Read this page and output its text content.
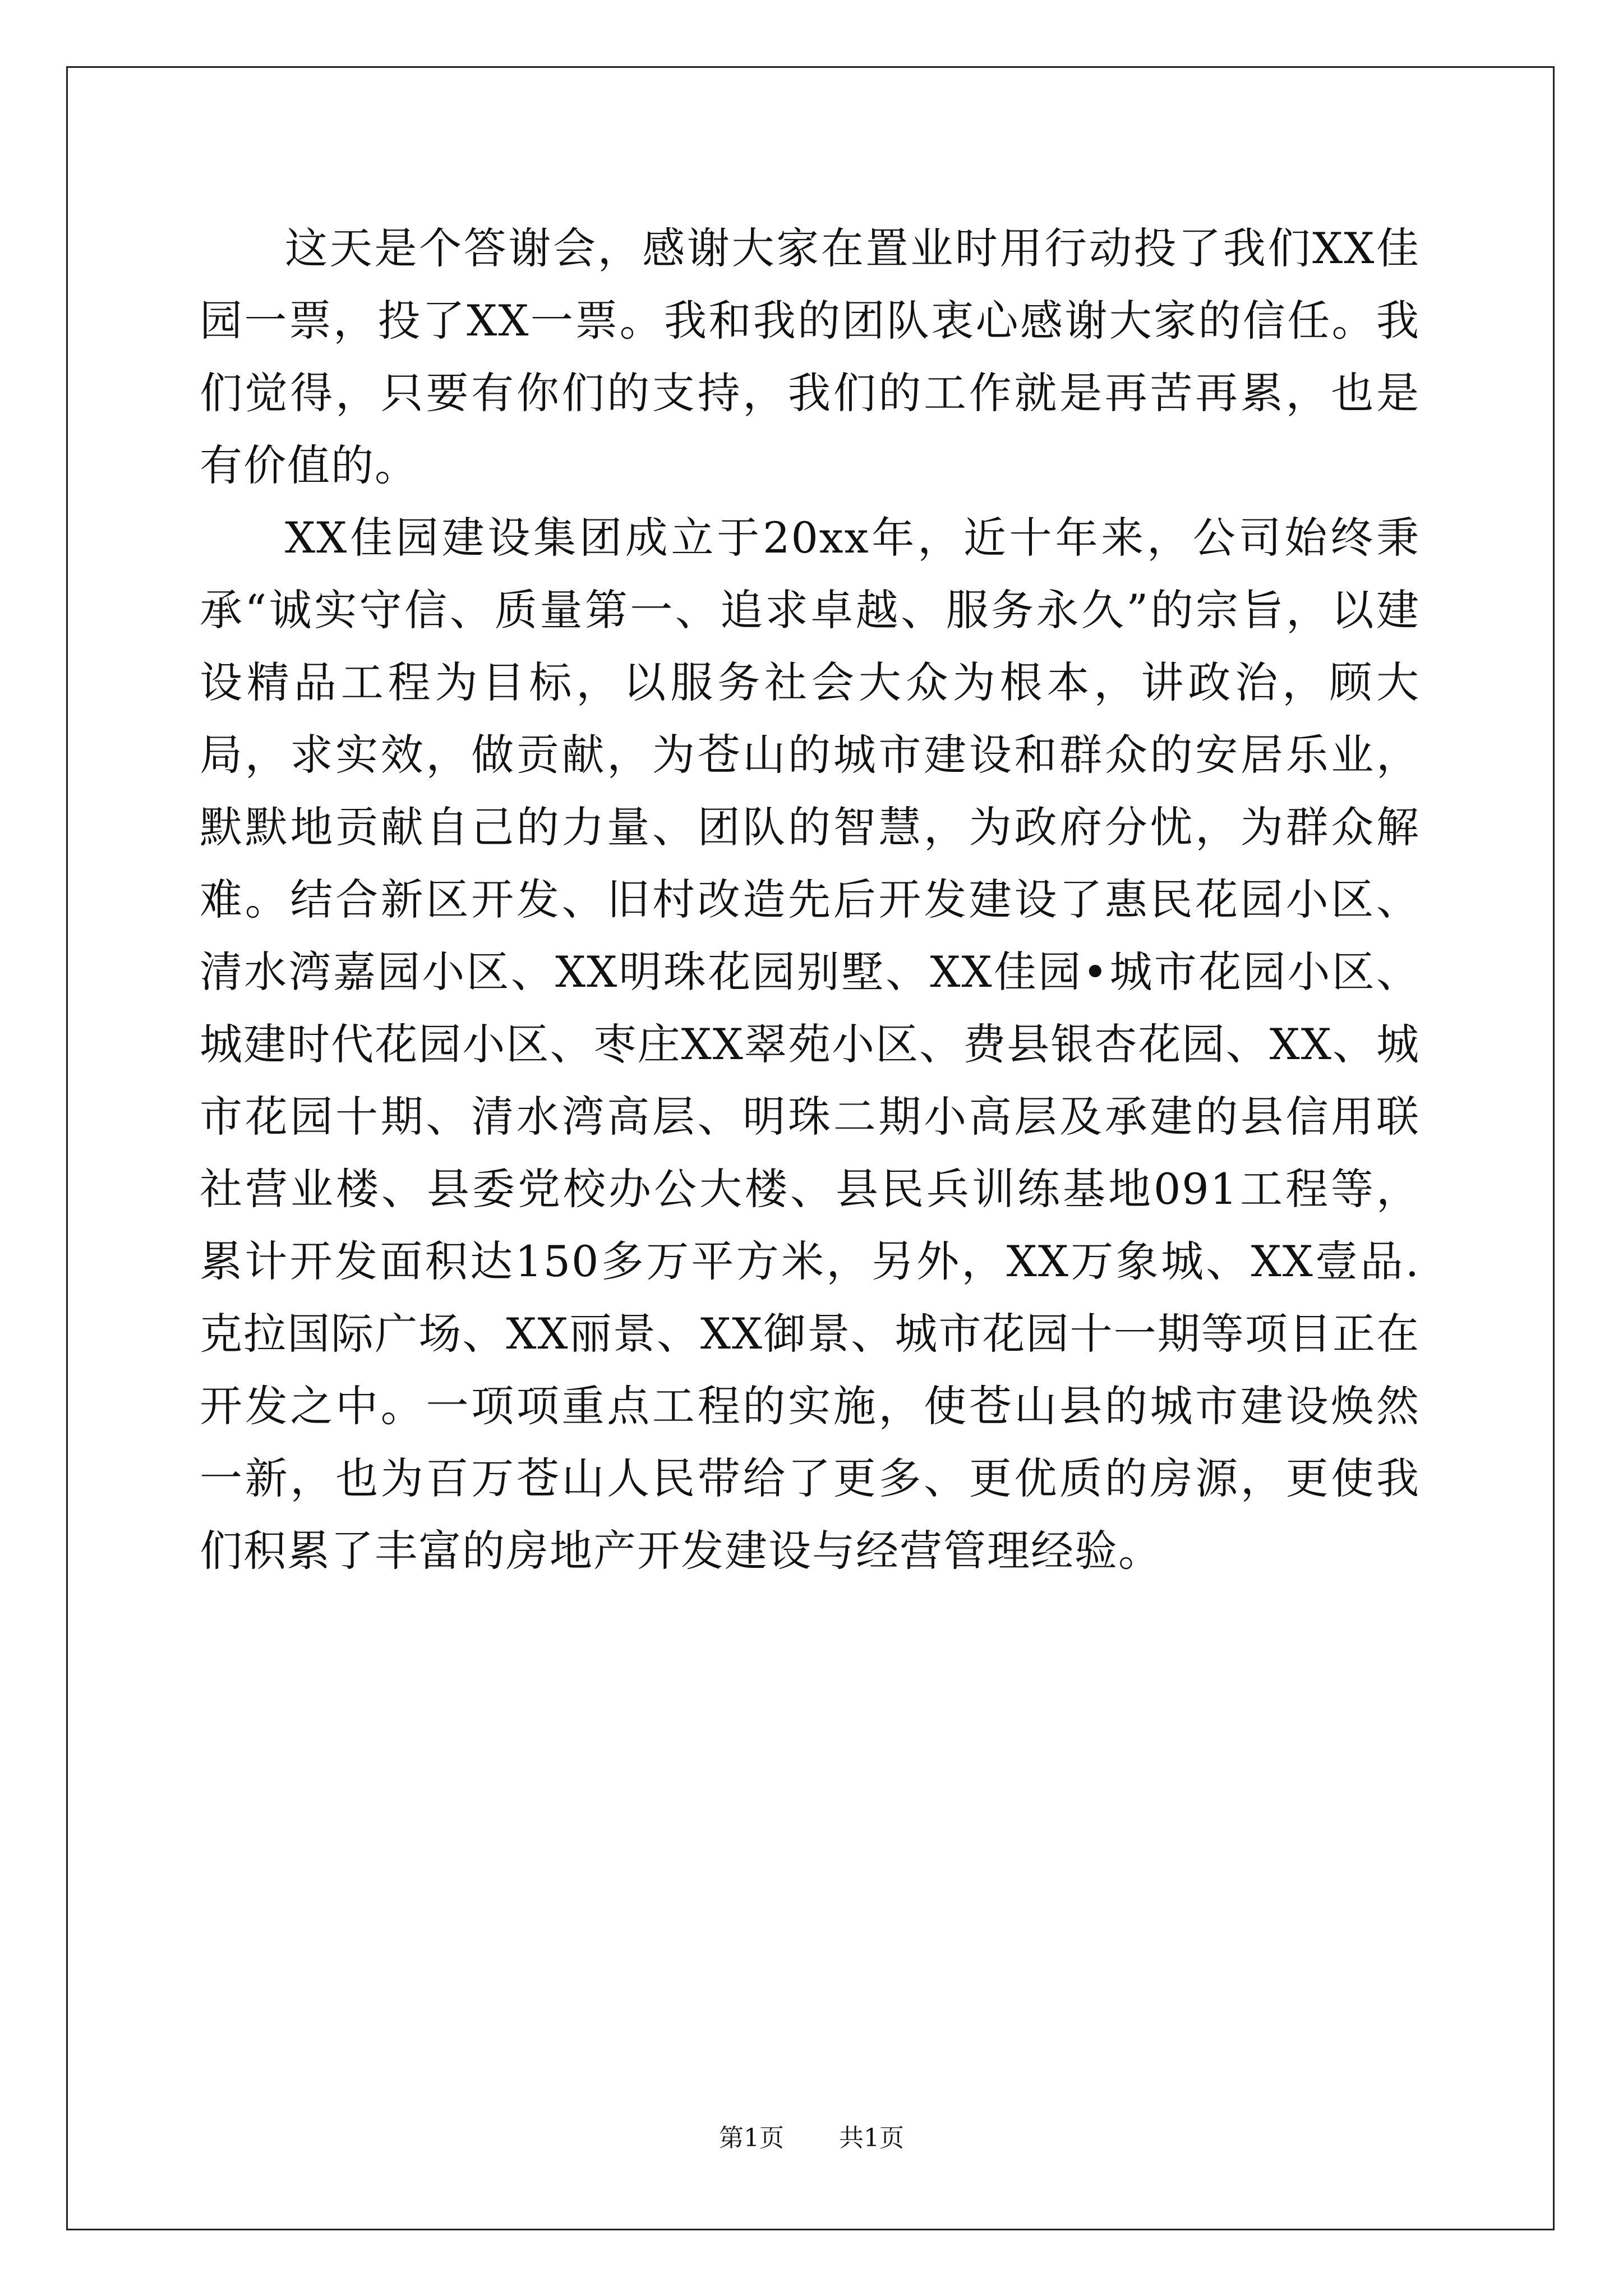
这天是个答谢会，感谢大家在置业时用行动投了我们XX佳园一票，投了XX一票。我和我的团队衷心感谢大家的信任。我们觉得，只要有你们的支持，我们的工作就是再苦再累，也是有价值的。

XX佳园建设集团成立于20xx年，近十年来，公司始终秉承“诚实守信、质量第一、追求卓越、服务永久”的宗旨，以建设精品工程为目标，以服务社会大众为根本，讲政治，顾大局，求实效，做贡献，为苍山的城市建设和群众的安居乐业，默默地贡献自己的力量、团队的智慧，为政府分忧，为群众解难。结合新区开发、旧村改造先后开发建设了惠民花园小区、清水湾嘉园小区、XX明珠花园别墅、XX佳园•城市花园小区、城建时代花园小区、枣庄XX翠苑小区、费县银杏花园、XX、城市花园十期、清水湾高层、明珠二期小高层及承建的县信用联社营业楼、县委党校办公大楼、县民兵训练基地091工程等，累计开发面积达150多万平方米，另外，XX万象城、XX壹品.克拉国际广场、XX丽景、XX御景、城市花园十一期等项目正在开发之中。一项项重点工程的实施，使苍山县的城市建设焕然一新，也为百万苍山人民带给了更多、更优质的房源，更使我们积累了丰富的房地产开发建设与经营管理经验。

第1页 共1页
